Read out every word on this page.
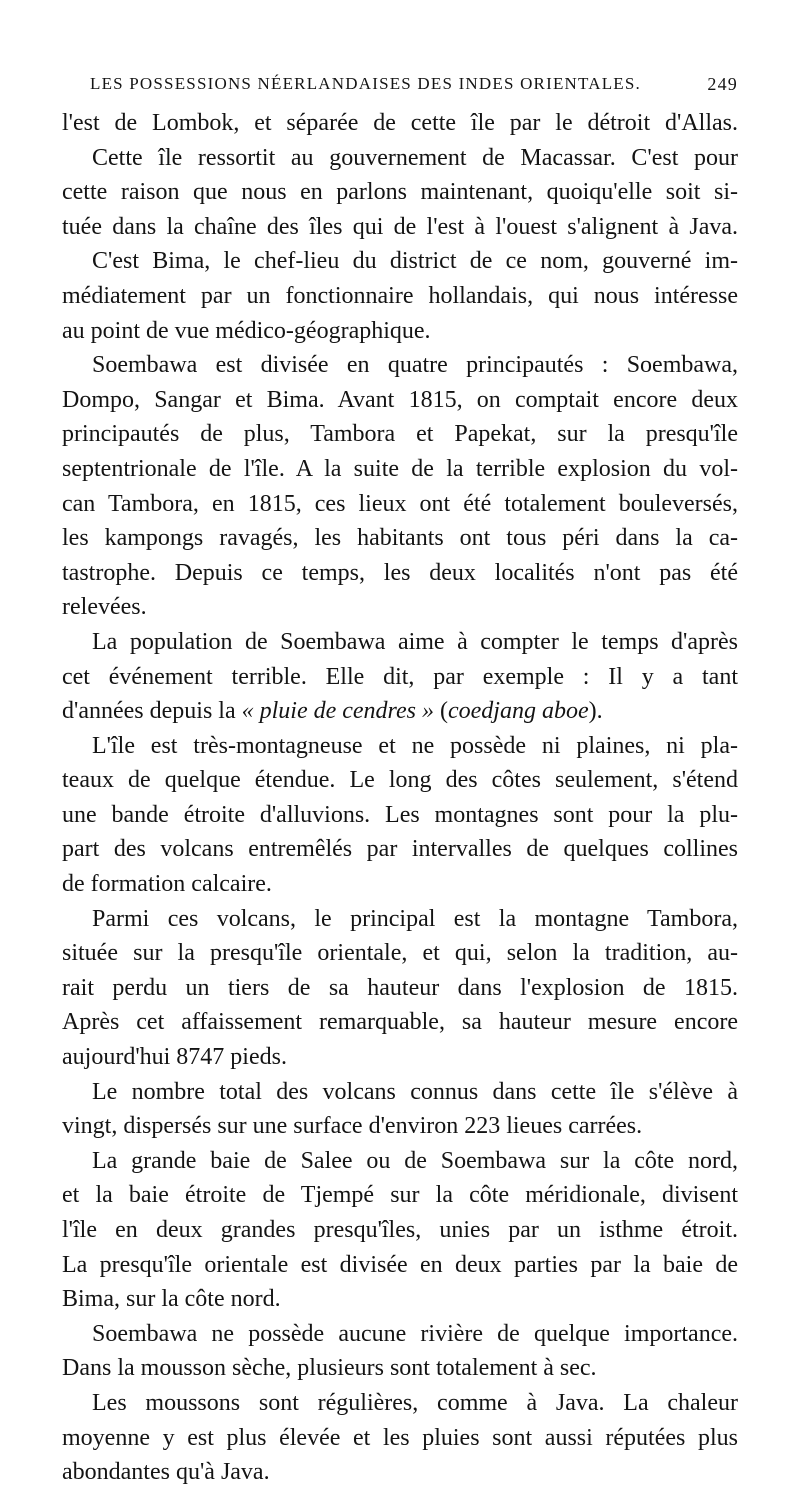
LES POSSESSIONS NÉERLANDAISES DES INDES ORIENTALES.	249
l'est de Lombok, et séparée de cette île par le détroit d'Allas.
Cette île ressortit au gouvernement de Macassar. C'est pour
cette raison que nous en parlons maintenant, quoiqu'elle soit si-
tuée dans la chaîne des îles qui de l'est à l'ouest s'alignent à Java.
C'est Bima, le chef-lieu du district de ce nom, gouverné im-
médiatement par un fonctionnaire hollandais, qui nous intéresse
au point de vue médico-géographique.
Soembawa est divisée en quatre principautés : Soembawa,
Dompo, Sangar et Bima. Avant 1815, on comptait encore deux
principautés de plus, Tambora et Papekat, sur la presqu'île
septentrionale de l'île. A la suite de la terrible explosion du vol-
can Tambora, en 1815, ces lieux ont été totalement bouleversés,
les kampongs ravagés, les habitants ont tous péri dans la ca-
tastrophe. Depuis ce temps, les deux localités n'ont pas été
relevées.
La population de Soembawa aime à compter le temps d'après
cet événement terrible. Elle dit, par exemple : Il y a tant
d'années depuis la « pluie de cendres » (coedjang aboe).
L'île est très-montagneuse et ne possède ni plaines, ni pla-
teaux de quelque étendue. Le long des côtes seulement, s'étend
une bande étroite d'alluvions. Les montagnes sont pour la plu-
part des volcans entremêlés par intervalles de quelques collines
de formation calcaire.
Parmi ces volcans, le principal est la montagne Tambora,
située sur la presqu'île orientale, et qui, selon la tradition, au-
rait perdu un tiers de sa hauteur dans l'explosion de 1815.
Après cet affaissement remarquable, sa hauteur mesure encore
aujourd'hui 8747 pieds.
Le nombre total des volcans connus dans cette île s'élève à
vingt, dispersés sur une surface d'environ 223 lieues carrées.
La grande baie de Salee ou de Soembawa sur la côte nord,
et la baie étroite de Tjempé sur la côte méridionale, divisent
l'île en deux grandes presqu'îles, unies par un isthme étroit.
La presqu'île orientale est divisée en deux parties par la baie de
Bima, sur la côte nord.
Soembawa ne possède aucune rivière de quelque importance.
Dans la mousson sèche, plusieurs sont totalement à sec.
Les moussons sont régulières, comme à Java. La chaleur
moyenne y est plus élevée et les pluies sont aussi réputées plus
abondantes qu'à Java.
